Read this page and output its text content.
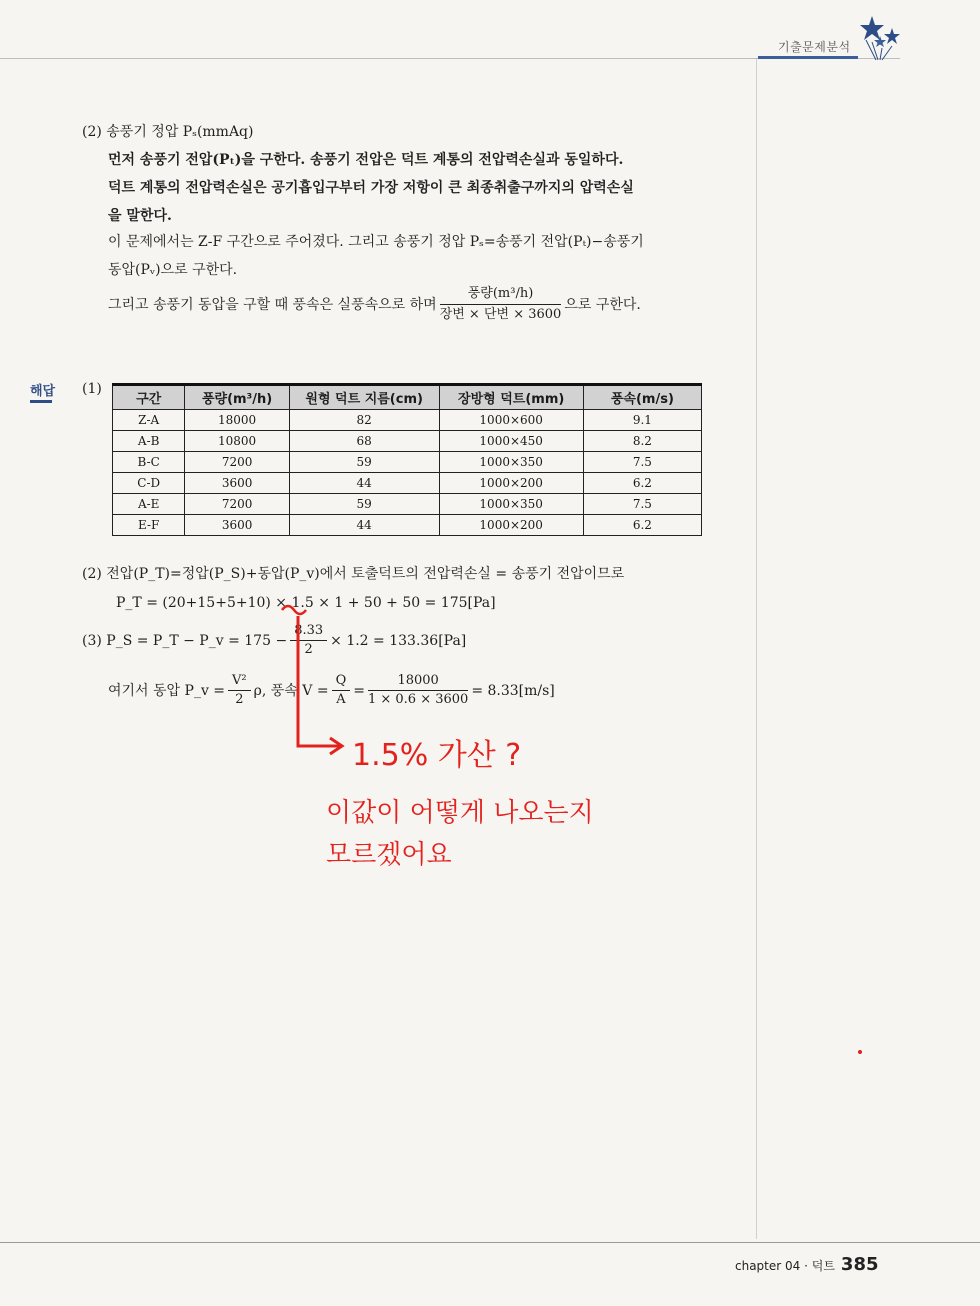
기출문제분석
(2) 송풍기 정압 Pₛ(mmAq)
먼저 송풍기 전압(Pₜ)을 구한다. 송풍기 전압은 덕트 계통의 전압력손실과 동일하다.
덕트 계통의 전압력손실은 공기흡입구부터 가장 저항이 큰 최종취출구까지의 압력손실
을 말한다.
이 문제에서는 Z-F 구간으로 주어졌다. 그리고 송풍기 정압 Pₛ=송풍기 전압(Pₜ)−송풍기
동압(Pᵥ)으로 구한다.
그리고 송풍기 동압을 구할 때 풍속은 실풍속으로 하며 $\frac{\text{풍량(m³/h)}}{\text{장변 × 단변 × 3600}}$ 으로 구한다.
해답 (1)
구간	풍량(m³/h)	원형 덕트 지름(cm)	장방형 덕트(mm)	풍속(m/s)
Z-A	18000	82	1000×600	9.1
A-B	10800	68	1000×450	8.2
B-C	7200	59	1000×350	7.5
C-D	3600	44	1000×200	6.2
A-E	7200	59	1000×350	7.5
E-F	3600	44	1000×200	6.2
(2) 전압(P_T)=정압(P_S)+동압(P_v)에서 토출덕트의 전압력손실 = 송풍기 전압이므로
P_T = (20+15+5+10) × 1.5 × 1 + 50 + 50 = 175[Pa]
(3) P_S = P_T − P_v = $175 - \frac{8.33}{2} \times 1.2 = 133.36[Pa]$
여기서 동압 P_v = $\frac{\text{V²}}{2} \rho$, 풍속 $V = \frac{Q}{A} = \frac{18000}{1 \times 0.6 \times 3600} = 8.33[m/s]$
1.5% 가산 ?
이값이 어떻게 나오는지
모르겠어요
chapter 04 · 덕트 385
